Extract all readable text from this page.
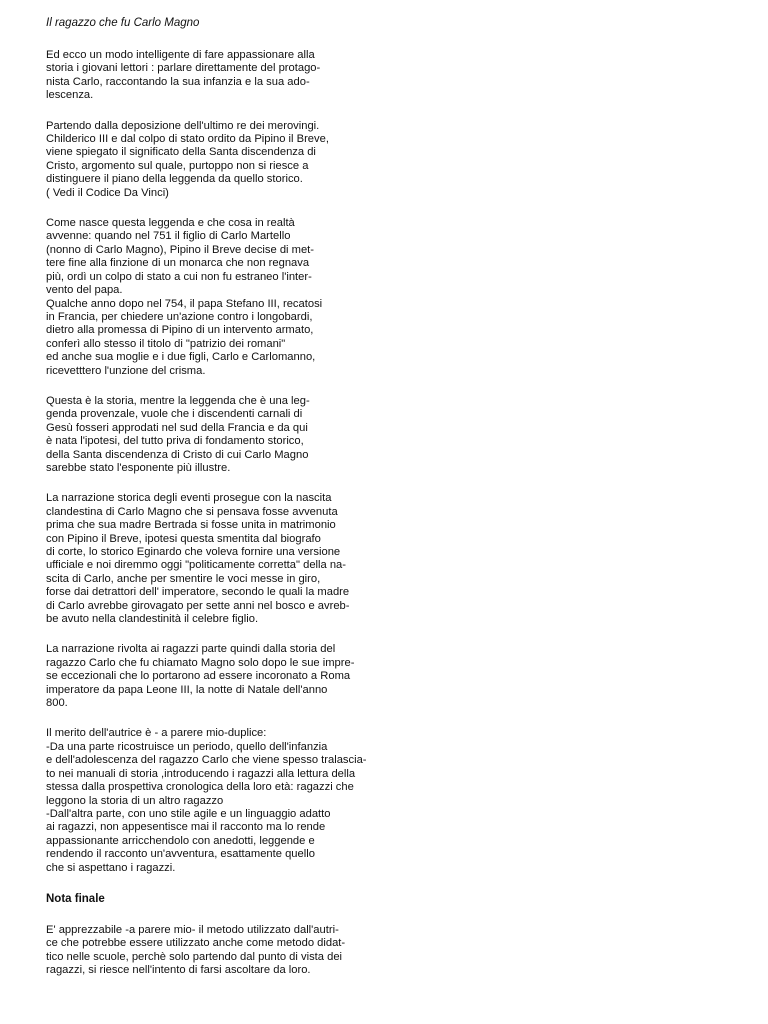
Il ragazzo che fu Carlo Magno
Ed ecco un modo intelligente di fare appassionare alla
storia i giovani lettori : parlare direttamente del protago-
nista Carlo, raccontando la sua infanzia e la sua ado-
lescenza.
Partendo dalla deposizione dell'ultimo re dei merovingi.
Childerico III e dal colpo di stato ordito da Pipino il Breve,
viene spiegato il significato della Santa discendenza di
Cristo, argomento sul quale, purtoppo non si riesce a
distinguere il piano della leggenda da quello storico.
( Vedi il Codice Da Vinci)
Come nasce questa leggenda e che cosa in realtà
avvenne: quando nel 751 il figlio di Carlo Martello
(nonno di Carlo Magno), Pipino il Breve decise di met-
tere fine alla finzione di un monarca che non regnava
più, ordì un colpo di stato a cui non fu estraneo l'inter-
vento del papa.
Qualche anno dopo nel 754, il papa Stefano III, recatosi
in Francia, per chiedere un'azione contro i longobardi,
dietro alla promessa di Pipino di un intervento armato,
conferì allo stesso il titolo di "patrizio dei romani"
ed anche sua moglie e i due figli, Carlo e Carlomanno,
ricevetttero l'unzione del crisma.
Questa è la storia, mentre la leggenda che è una leg-
genda provenzale, vuole che i discendenti carnali di
Gesù fosseri approdati nel sud della Francia e da qui
è nata l'ipotesi, del tutto priva di fondamento storico,
della Santa discendenza di Cristo di cui Carlo Magno
sarebbe stato l'esponente più illustre.
La narrazione storica degli eventi prosegue con la nascita
clandestina di Carlo Magno che si pensava fosse avvenuta
prima che sua madre Bertrada si fosse unita in matrimonio
con Pipino il Breve, ipotesi questa smentita dal biografo
di corte, lo storico Eginardo che voleva fornire una versione
ufficiale e noi diremmo oggi "politicamente corretta" della na-
scita di Carlo, anche per smentire le voci messe in giro,
forse dai detrattori dell' imperatore, secondo le quali la madre
di Carlo avrebbe girovagato per sette anni nel bosco e avreb-
be avuto nella clandestinità il celebre figlio.
La narrazione rivolta ai ragazzi parte quindi dalla storia del
ragazzo Carlo che fu chiamato Magno solo dopo le sue impre-
se eccezionali che lo portarono ad essere incoronato a Roma
imperatore da papa Leone III, la notte di Natale dell'anno
800.
Il merito dell'autrice è - a parere mio-duplice:
-Da una parte ricostruisce un periodo, quello dell'infanzia
e dell'adolescenza del ragazzo Carlo che viene spesso tralascia-
to nei manuali di storia ,introducendo i ragazzi alla lettura della
stessa dalla prospettiva cronologica della loro età: ragazzi che
leggono la storia di un altro ragazzo
-Dall'altra parte, con uno stile agile e un linguaggio adatto
ai ragazzi, non appesentisce mai il racconto ma lo rende
appassionante arricchendolo con anedotti, leggende e
rendendo il racconto un'avventura, esattamente quello
che si aspettano i ragazzi.
Nota finale
E' apprezzabile -a parere mio- il metodo utilizzato dall'autri-
ce che potrebbe essere utilizzato anche come metodo didat-
tico nelle scuole, perchè solo partendo dal punto di vista dei
ragazzi, si riesce nell'intento di farsi ascoltare da loro.
